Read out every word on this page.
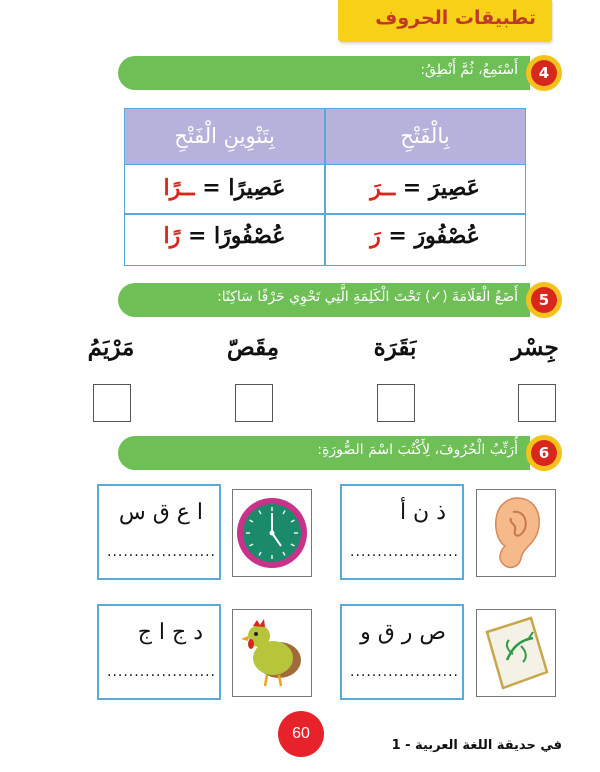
تطبيقات الحروف
أَسْتَمِعُ، ثُمَّ أَنْطِقُ:	4
بِتَنْوِينِ الْفَتْحِ	بِالْفَتْحِ
عَصِيرًا = ــرًا	عَصِيرَ = ــرَ
عُصْفُورًا = رًا	عُصْفُورَ = رَ
أَضَعُ الْعَلَامَةَ (✓) تَحْتَ الْكَلِمَةِ الَّتِي تَحْوِي حَرْفًا سَاكِنًا:	5
مَرْيَمُ	مِقَصّ	بَقَرَة	جِسْر
أُرَتِّبُ الْحُرُوفَ، لِأَكْتُبَ اسْمَ الصُّورَةِ:	6
ا ع ق س
....................
ذ ن أ
....................
د ج ا ج
....................
ص ر ق و
....................
60
في حديقة اللغة العربية - 1
